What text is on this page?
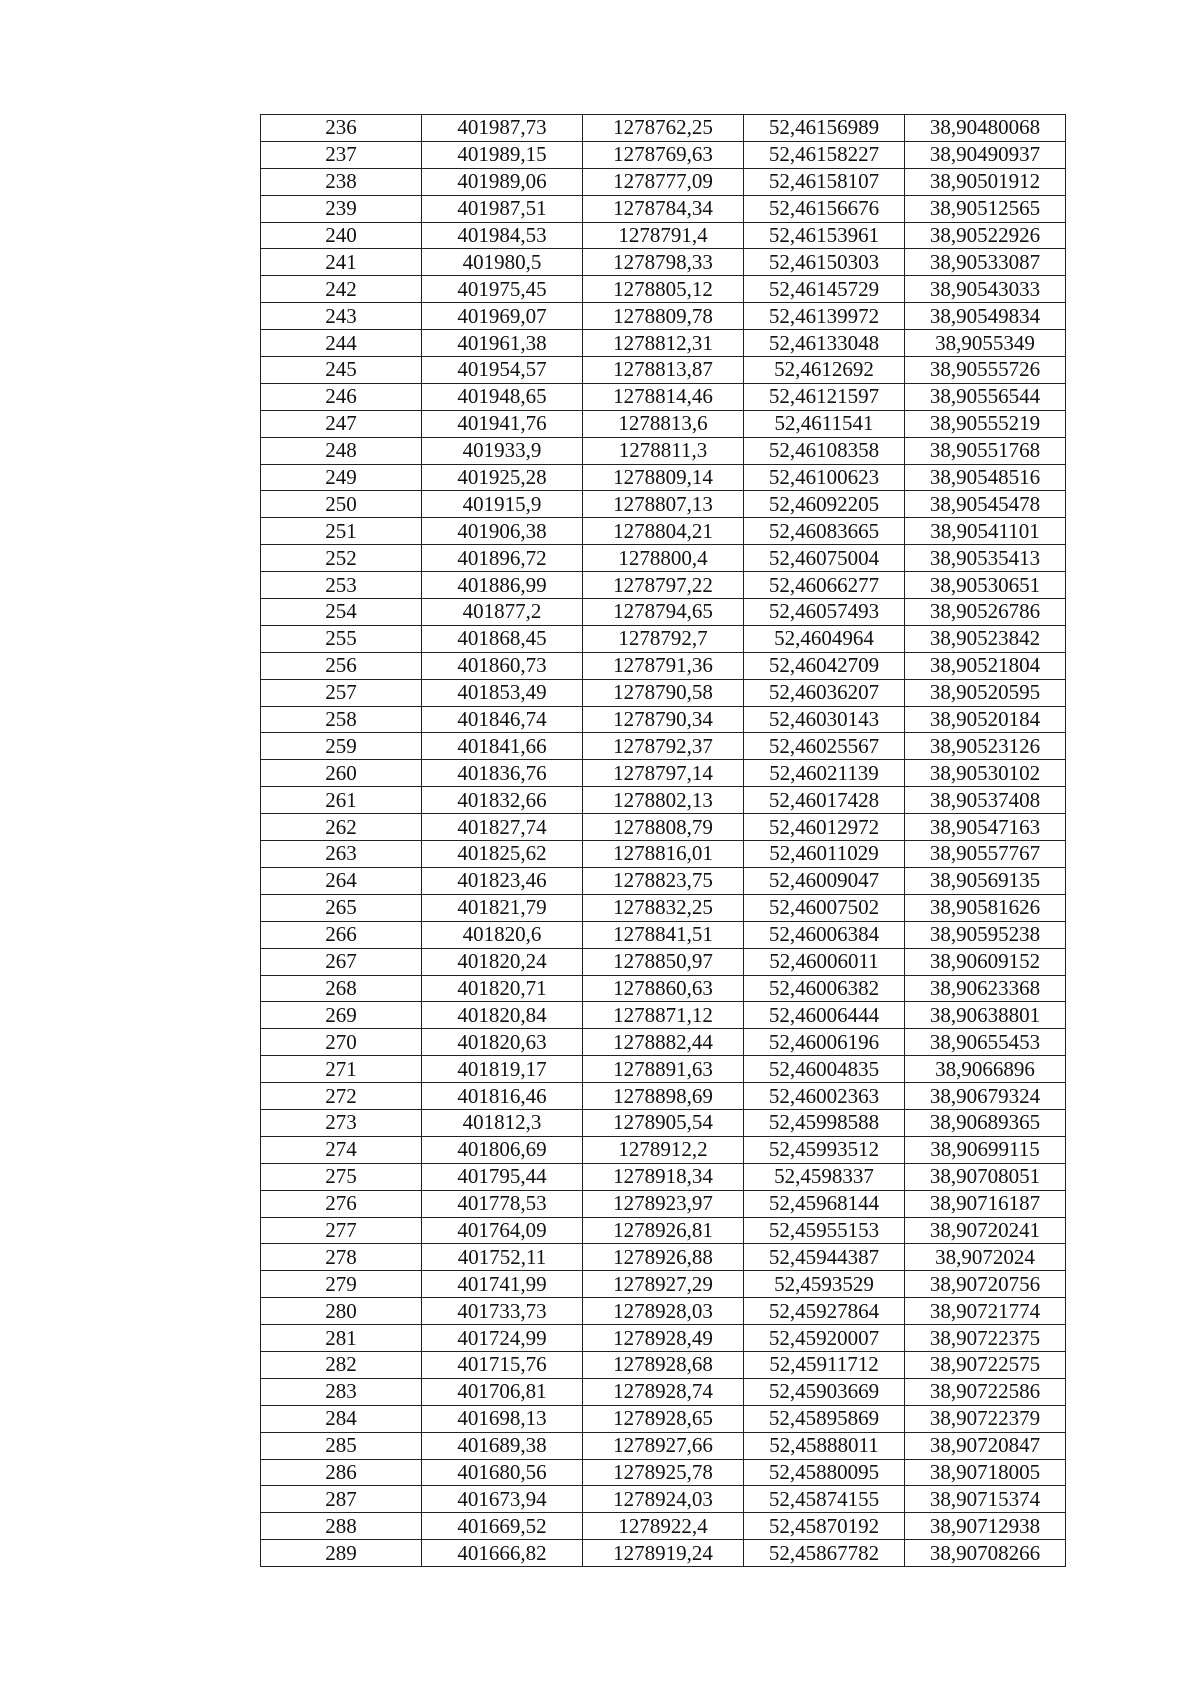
236	401987,73	1278762,25	52,46156989	38,90480068
237	401989,15	1278769,63	52,46158227	38,90490937
238	401989,06	1278777,09	52,46158107	38,90501912
239	401987,51	1278784,34	52,46156676	38,90512565
240	401984,53	1278791,4	52,46153961	38,90522926
241	401980,5	1278798,33	52,46150303	38,90533087
242	401975,45	1278805,12	52,46145729	38,90543033
243	401969,07	1278809,78	52,46139972	38,90549834
244	401961,38	1278812,31	52,46133048	38,9055349
245	401954,57	1278813,87	52,4612692	38,90555726
246	401948,65	1278814,46	52,46121597	38,90556544
247	401941,76	1278813,6	52,4611541	38,90555219
248	401933,9	1278811,3	52,46108358	38,90551768
249	401925,28	1278809,14	52,46100623	38,90548516
250	401915,9	1278807,13	52,46092205	38,90545478
251	401906,38	1278804,21	52,46083665	38,90541101
252	401896,72	1278800,4	52,46075004	38,90535413
253	401886,99	1278797,22	52,46066277	38,90530651
254	401877,2	1278794,65	52,46057493	38,90526786
255	401868,45	1278792,7	52,4604964	38,90523842
256	401860,73	1278791,36	52,46042709	38,90521804
257	401853,49	1278790,58	52,46036207	38,90520595
258	401846,74	1278790,34	52,46030143	38,90520184
259	401841,66	1278792,37	52,46025567	38,90523126
260	401836,76	1278797,14	52,46021139	38,90530102
261	401832,66	1278802,13	52,46017428	38,90537408
262	401827,74	1278808,79	52,46012972	38,90547163
263	401825,62	1278816,01	52,46011029	38,90557767
264	401823,46	1278823,75	52,46009047	38,90569135
265	401821,79	1278832,25	52,46007502	38,90581626
266	401820,6	1278841,51	52,46006384	38,90595238
267	401820,24	1278850,97	52,46006011	38,90609152
268	401820,71	1278860,63	52,46006382	38,90623368
269	401820,84	1278871,12	52,46006444	38,90638801
270	401820,63	1278882,44	52,46006196	38,90655453
271	401819,17	1278891,63	52,46004835	38,9066896
272	401816,46	1278898,69	52,46002363	38,90679324
273	401812,3	1278905,54	52,45998588	38,90689365
274	401806,69	1278912,2	52,45993512	38,90699115
275	401795,44	1278918,34	52,4598337	38,90708051
276	401778,53	1278923,97	52,45968144	38,90716187
277	401764,09	1278926,81	52,45955153	38,90720241
278	401752,11	1278926,88	52,45944387	38,9072024
279	401741,99	1278927,29	52,4593529	38,90720756
280	401733,73	1278928,03	52,45927864	38,90721774
281	401724,99	1278928,49	52,45920007	38,90722375
282	401715,76	1278928,68	52,45911712	38,90722575
283	401706,81	1278928,74	52,45903669	38,90722586
284	401698,13	1278928,65	52,45895869	38,90722379
285	401689,38	1278927,66	52,45888011	38,90720847
286	401680,56	1278925,78	52,45880095	38,90718005
287	401673,94	1278924,03	52,45874155	38,90715374
288	401669,52	1278922,4	52,45870192	38,90712938
289	401666,82	1278919,24	52,45867782	38,90708266
